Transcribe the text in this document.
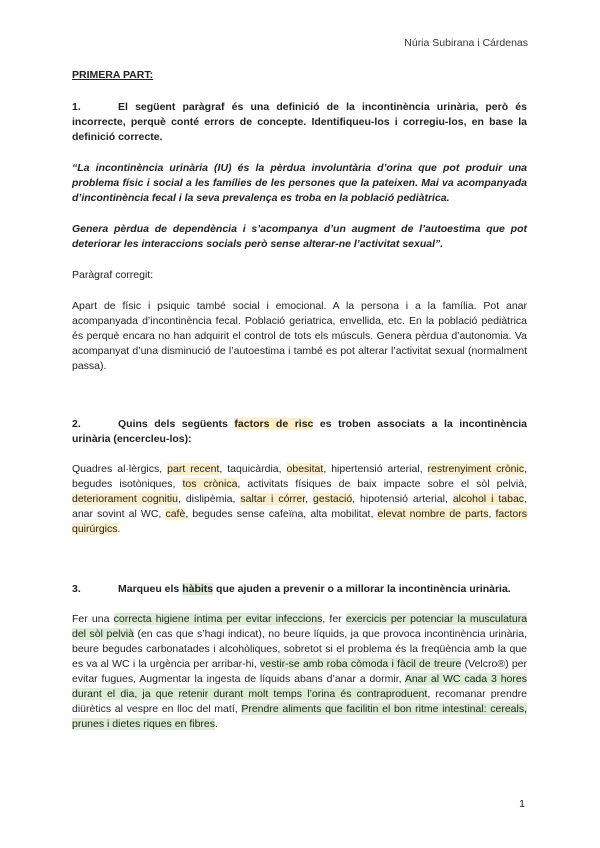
Núria Subirana i Cárdenas

PRIMERA PART:

1.	El següent paràgraf és una definició de la incontinència urinària, però és incorrecte, perquè conté errors de concepte. Identifiqueu-los i corregiu-los, en base la definició correcte.

“La incontinència urinària (IU) és la pèrdua involuntària d’orina que pot produir una problema físic i social a les famílies de les persones que la pateixen. Mai va acompanyada d’incontinència fecal i la seva prevalença es troba en la població pediàtrica.

Genera pèrdua de dependència i s’acompanya d’un augment de l’autoestima que pot deteriorar les interaccions socials però sense alterar-ne l’activitat sexual”.

Paràgraf corregit:

Apart de físic i psiquic també social i emocional. A la persona i a la família. Pot anar acompanyada d’incontinència fecal. Població geriatrica, envellida, etc. En la població pediàtrica és perquè encara no han adquirit el control de tots els músculs. Genera pèrdua d’autonomia. Va acompanyat d’una disminució de l’autoestima i també es pot alterar l’activitat sexual (normalment passa).

2.	Quins dels següents factors de risc es troben associats a la incontinència urinària (encercleu-los):

Quadres al·lèrgics, part recent, taquicàrdia, obesitat, hipertensió arterial, restrenyiment crònic, begudes isotòniques, tos crònica, activitats físiques de baix impacte sobre el sòl pelvià, deteriorament cognitiu, dislipèmia, saltar i córrer, gestació, hipotensió arterial, alcohol i tabac, anar sovint al WC, cafè, begudes sense cafeïna, alta mobilitat, elevat nombre de parts, factors quirúrgics.

3.	Marqueu els hàbits que ajuden a prevenir o a millorar la incontinència urinària.

Fer una correcta higiene íntima per evitar infeccions, fer exercicis per potenciar la musculatura del sòl pelvià (en cas que s’hagi indicat), no beure líquids, ja que provoca incontinència urinària, beure begudes carbonatades i alcohòliques, sobretot si el problema és la freqüència amb la que es va al WC i la urgència per arribar-hi, vestir-se amb roba còmoda i fàcil de treure (Velcro®) per evitar fugues, Augmentar la ingesta de líquids abans d’anar a dormir, Anar al WC cada 3 hores durant el dia, ja que retenir durant molt temps l’orina és contraproduent, recomanar prendre diürètics al vespre en lloc del matí, Prendre aliments que facilitin el bon ritme intestinal: cereals, prunes i dietes riques en fibres.

1
